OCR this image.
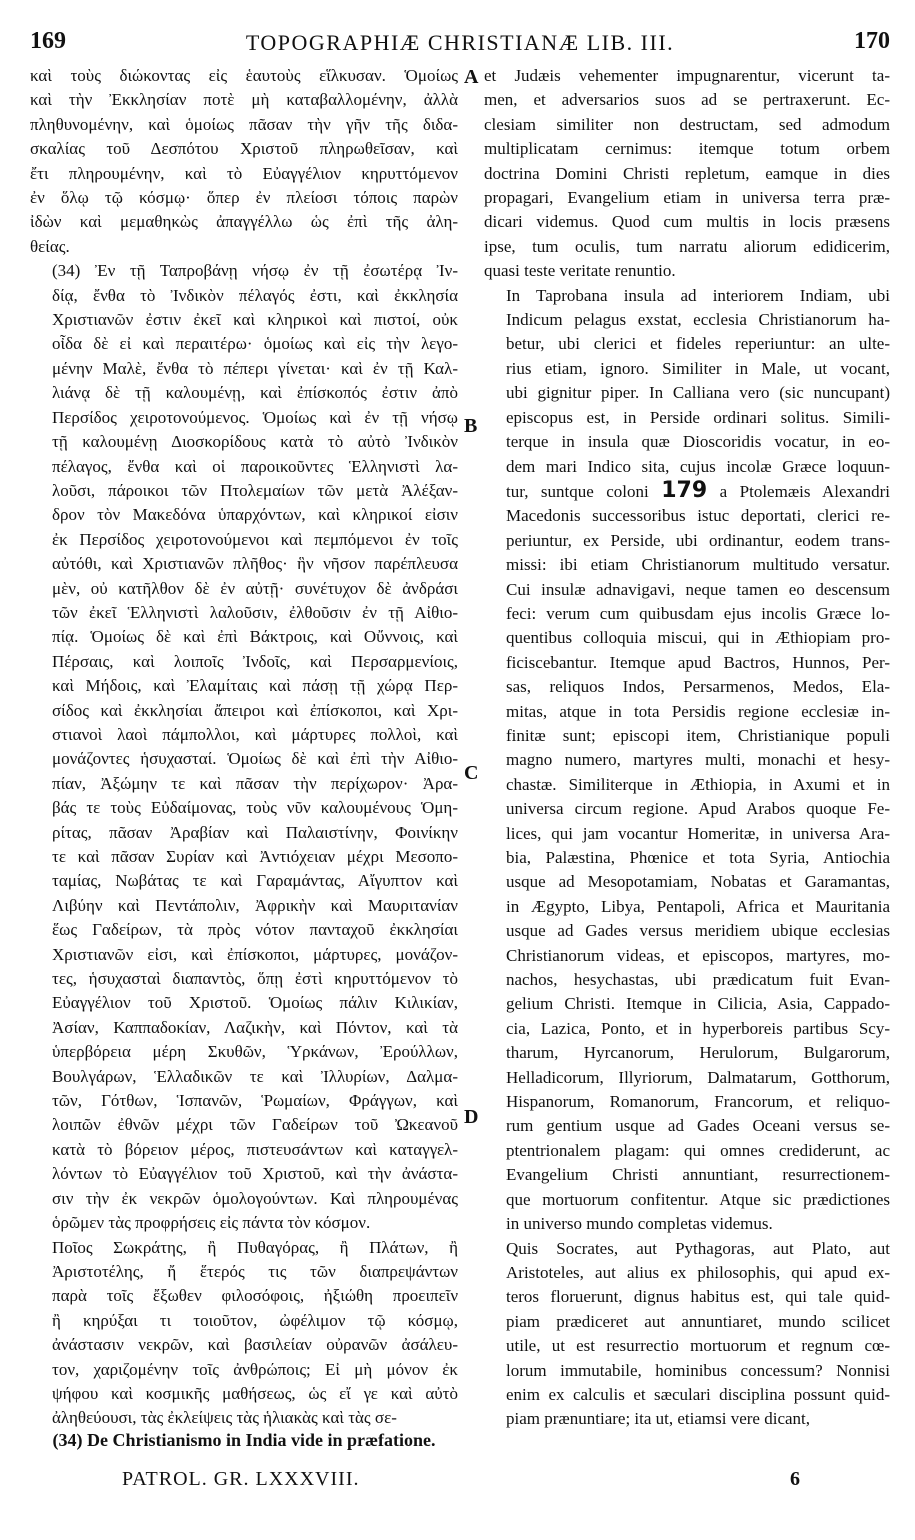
169	TOPOGRAPHIÆ CHRISTIANÆ LIB. III.	170

καὶ τοὺς διώκοντας εἰς ἑαυτοὺς εἵλκυσαν. Ὁμοίως
καὶ τὴν Ἐκκλησίαν ποτὲ μὴ καταβαλλομένην, ἀλλὰ
πληθυνομένην, καὶ ὁμοίως πᾶσαν τὴν γῆν τῆς διδα-
σκαλίας τοῦ Δεσπότου Χριστοῦ πληρωθεῖσαν, καὶ
ἔτι πληρουμένην, καὶ τὸ Εὐαγγέλιον κηρυττόμενον
ἐν ὅλῳ τῷ κόσμῳ· ὅπερ ἐν πλείοσι τόποις παρὼν
ἰδὼν καὶ μεμαθηκὼς ἀπαγγέλλω ὡς ἐπὶ τῆς ἀλη-
θείας.

(34) Ἐν τῇ Ταπροβάνῃ νήσῳ ἐν τῇ ἐσωτέρᾳ Ἰν-
δίᾳ, ἔνθα τὸ Ἰνδικὸν πέλαγός ἐστι, καὶ ἐκκλησία
Χριστιανῶν ἐστιν ἐκεῖ καὶ κληρικοὶ καὶ πιστοί, οὐκ
οἶδα δὲ εἰ καὶ περαιτέρω· ὁμοίως καὶ εἰς τὴν λεγο-
μένην Μαλὲ, ἔνθα τὸ πέπερι γίνεται· καὶ ἐν τῇ Καλ-
λιάνᾳ δὲ τῇ καλουμένῃ, καὶ ἐπίσκοπός ἐστιν ἀπὸ
Περσίδος χειροτονούμενος. Ὁμοίως καὶ ἐν τῇ νήσῳ
τῇ καλουμένῃ Διοσκορίδους κατὰ τὸ αὐτὸ Ἰνδικὸν
πέλαγος, ἔνθα καὶ οἱ παροικοῦντες Ἑλληνιστὶ λα-
λοῦσι, πάροικοι τῶν Πτολεμαίων τῶν μετὰ Ἀλέξαν-
δρον τὸν Μακεδόνα ὑπαρχόντων, καὶ κληρικοί εἰσιν
ἐκ Περσίδος χειροτονούμενοι καὶ πεμπόμενοι ἐν τοῖς
αὐτόθι, καὶ Χριστιανῶν πλῆθος· ἣν νῆσον παρέπλευσα
μὲν, οὐ κατῆλθον δὲ ἐν αὐτῇ· συνέτυχον δὲ ἀνδράσι
τῶν ἐκεῖ Ἑλληνιστὶ λαλοῦσιν, ἐλθοῦσιν ἐν τῇ Αἰθιο-
πίᾳ. Ὁμοίως δὲ καὶ ἐπὶ Βάκτροις, καὶ Οὔννοις, καὶ
Πέρσαις, καὶ λοιποῖς Ἰνδοῖς, καὶ Περσαρμενίοις,
καὶ Μήδοις, καὶ Ἐλαμίταις καὶ πάσῃ τῇ χώρᾳ Περ-
σίδος καὶ ἐκκλησίαι ἄπειροι καὶ ἐπίσκοποι, καὶ Χρι-
στιανοὶ λαοὶ πάμπολλοι, καὶ μάρτυρες πολλοὶ, καὶ
μονάζοντες ἡσυχασταί. Ὁμοίως δὲ καὶ ἐπὶ τὴν Αἰθιο-
πίαν, Ἀξώμην τε καὶ πᾶσαν τὴν περίχωρον· Ἀρα-
βάς τε τοὺς Εὐδαίμονας, τοὺς νῦν καλουμένους Ὁμη-
ρίτας, πᾶσαν Ἀραβίαν καὶ Παλαιστίνην, Φοινίκην
τε καὶ πᾶσαν Συρίαν καὶ Ἀντιόχειαν μέχρι Μεσοπο-
ταμίας, Νωβάτας τε καὶ Γαραμάντας, Αἴγυπτον καὶ
Λιβύην καὶ Πεντάπολιν, Ἀφρικὴν καὶ Μαυριτανίαν
ἕως Γαδείρων, τὰ πρὸς νότον πανταχοῦ ἐκκλησίαι
Χριστιανῶν εἰσι, καὶ ἐπίσκοποι, μάρτυρες, μονάζον-
τες, ἡσυχασταὶ διαπαντὸς, ὅπῃ ἐστὶ κηρυττόμενον τὸ
Εὐαγγέλιον τοῦ Χριστοῦ. Ὁμοίως πάλιν Κιλικίαν,
Ἀσίαν, Καππαδοκίαν, Λαζικὴν, καὶ Πόντον, καὶ τὰ
ὑπερβόρεια μέρη Σκυθῶν, Ὑρκάνων, Ἐρούλλων,
Βουλγάρων, Ἑλλαδικῶν τε καὶ Ἰλλυρίων, Δαλμα-
τῶν, Γότθων, Ἱσπανῶν, Ῥωμαίων, Φράγγων, καὶ
λοιπῶν ἐθνῶν μέχρι τῶν Γαδείρων τοῦ Ὠκεανοῦ
κατὰ τὸ βόρειον μέρος, πιστευσάντων καὶ καταγγελ-
λόντων τὸ Εὐαγγέλιον τοῦ Χριστοῦ, καὶ τὴν ἀνάστα-
σιν τὴν ἐκ νεκρῶν ὁμολογούντων. Καὶ πληρουμένας
ὁρῶμεν τὰς προφρήσεις εἰς πάντα τὸν κόσμον.

Ποῖος Σωκράτης, ἢ Πυθαγόρας, ἢ Πλάτων, ἢ
Ἀριστοτέλης, ἤ ἕτερός τις τῶν διαπρεψάντων
παρὰ τοῖς ἔξωθεν φιλοσόφοις, ἠξιώθη προειπεῖν
ἢ κηρύξαι τι τοιοῦτον, ὠφέλιμον τῷ κόσμῳ,
ἀνάστασιν νεκρῶν, καὶ βασιλείαν οὐρανῶν ἀσάλευ-
τον, χαριζομένην τοῖς ἀνθρώποις; Εἰ μὴ μόνον ἐκ
ψήφου καὶ κοσμικῆς μαθήσεως, ὡς εἴ γε καὶ αὐτὸ
ἀληθεύουσι, τὰς ἐκλείψεις τὰς ἡλιακὰς καὶ τὰς σε-

et Judæis vehementer impugnarentur, vicerunt ta-
men, et adversarios suos ad se pertraxerunt. Ec-
clesiam similiter non destructam, sed admodum
multiplicatam cernimus: itemque totum orbem
doctrina Domini Christi repletum, eamque in dies
propagari, Evangelium etiam in universa terra præ-
dicari videmus. Quod cum multis in locis præsens
ipse, tum oculis, tum narratu aliorum edidicerim,
quasi teste veritate renuntio.

In Taprobana insula ad interiorem Indiam, ubi
Indicum pelagus exstat, ecclesia Christianorum ha-
betur, ubi clerici et fideles reperiuntur: an ulte-
rius etiam, ignoro. Similiter in Male, ut vocant,
ubi gignitur piper. In Calliana vero (sic nuncupant)
episcopus est, in Perside ordinari solitus. Simili-
terque in insula quæ Dioscoridis vocatur, in eo-
dem mari Indico sita, cujus incolæ Græce loquun-
tur, suntque coloni 179 a Ptolemæis Alexandri
Macedonis successoribus istuc deportati, clerici re-
periuntur, ex Perside, ubi ordinantur, eodem trans-
missi: ibi etiam Christianorum multitudo versatur.
Cui insulæ adnavigavi, neque tamen eo descensum
feci: verum cum quibusdam ejus incolis Græce lo-
quentibus colloquia miscui, qui in Æthiopiam pro-
ficiscebantur. Itemque apud Bactros, Hunnos, Per-
sas, reliquos Indos, Persarmenos, Medos, Ela-
mitas, atque in tota Persidis regione ecclesiæ in-
finitæ sunt; episcopi item, Christianique populi
magno numero, martyres multi, monachi et hesy-
chastæ. Similiterque in Æthiopia, in Axumi et in
universa circum regione. Apud Arabos quoque Fe-
lices, qui jam vocantur Homeritæ, in universa Ara-
bia, Palæstina, Phœnice et tota Syria, Antiochia
usque ad Mesopotamiam, Nobatas et Garamantas,
in Ægypto, Libya, Pentapoli, Africa et Mauritania
usque ad Gades versus meridiem ubique ecclesias
Christianorum videas, et episcopos, martyres, mo-
nachos, hesychastas, ubi prædicatum fuit Evan-
gelium Christi. Itemque in Cilicia, Asia, Cappado-
cia, Lazica, Ponto, et in hyperboreis partibus Scy-
tharum, Hyrcanorum, Herulorum, Bulgarorum,
Helladicorum, Illyriorum, Dalmatarum, Gotthorum,
Hispanorum, Romanorum, Francorum, et reliquo-
rum gentium usque ad Gades Oceani versus se-
ptentrionalem plagam: qui omnes crediderunt, ac
Evangelium Christi annuntiant, resurrectionem-
que mortuorum confitentur. Atque sic prædictiones
in universo mundo completas videmus.

Quis Socrates, aut Pythagoras, aut Plato, aut
Aristoteles, aut alius ex philosophis, qui apud ex-
teros floruerunt, dignus habitus est, qui tale quid-
piam prædiceret aut annuntiaret, mundo scilicet
utile, ut est resurrectio mortuorum et regnum cœ-
lorum immutabile, hominibus concessum? Nonnisi
enim ex calculis et sæculari disciplina possunt quid-
piam prænuntiare; ita ut, etiamsi vere dicant,

A
B
C
D
(34) De Christianismo in India vide in præfatione.
PATROL. GR. LXXXVIII.	6
